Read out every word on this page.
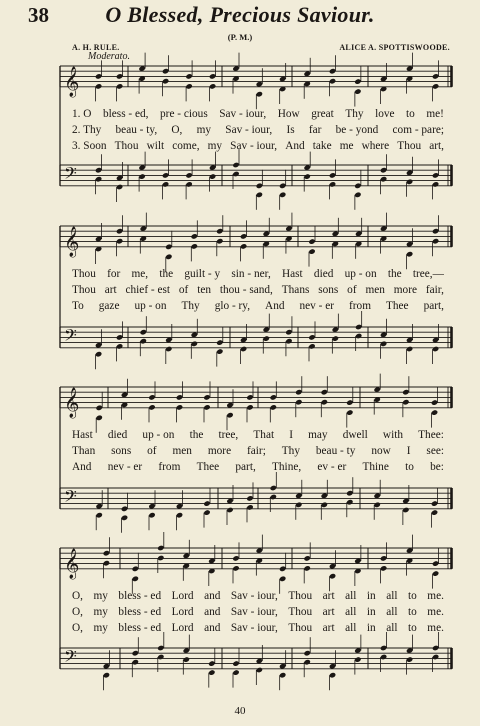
𝄞
𝄢
𝄞
𝄢
𝄞
𝄢
𝄞
𝄢
38	O Blessed, Precious Saviour.
(P. M.)
A. H. RULE.	ALICE A. SPOTTISWOODE.
Moderato.
1. O bless - ed, pre - cious Sav - iour, How great Thy love to me!
2. Thy beau - ty, O, my Sav - iour, Is far be - yond com - pare;
3. Soon Thou wilt come, my Sav - iour, And take me where Thou art,
Thou for me, the guilt - y sin - ner, Hast died up - on the tree,—
Thou art chief - est of ten thou - sand, Thans sons of men more fair,
To gaze up - on Thy glo - ry, And nev - er from Thee part,
Hast died up - on the tree, That I may dwell with Thee:
Than sons of men more fair; Thy beau - ty now I see:
And nev - er from Thee part, Thine, ev - er Thine to be:
O, my bless - ed Lord and Sav - iour, Thou art all in all to me.
O, my bless - ed Lord and Sav - iour, Thou art all in all to me.
O, my bless - ed Lord and Sav - iour, Thou art all in all to me.
40
